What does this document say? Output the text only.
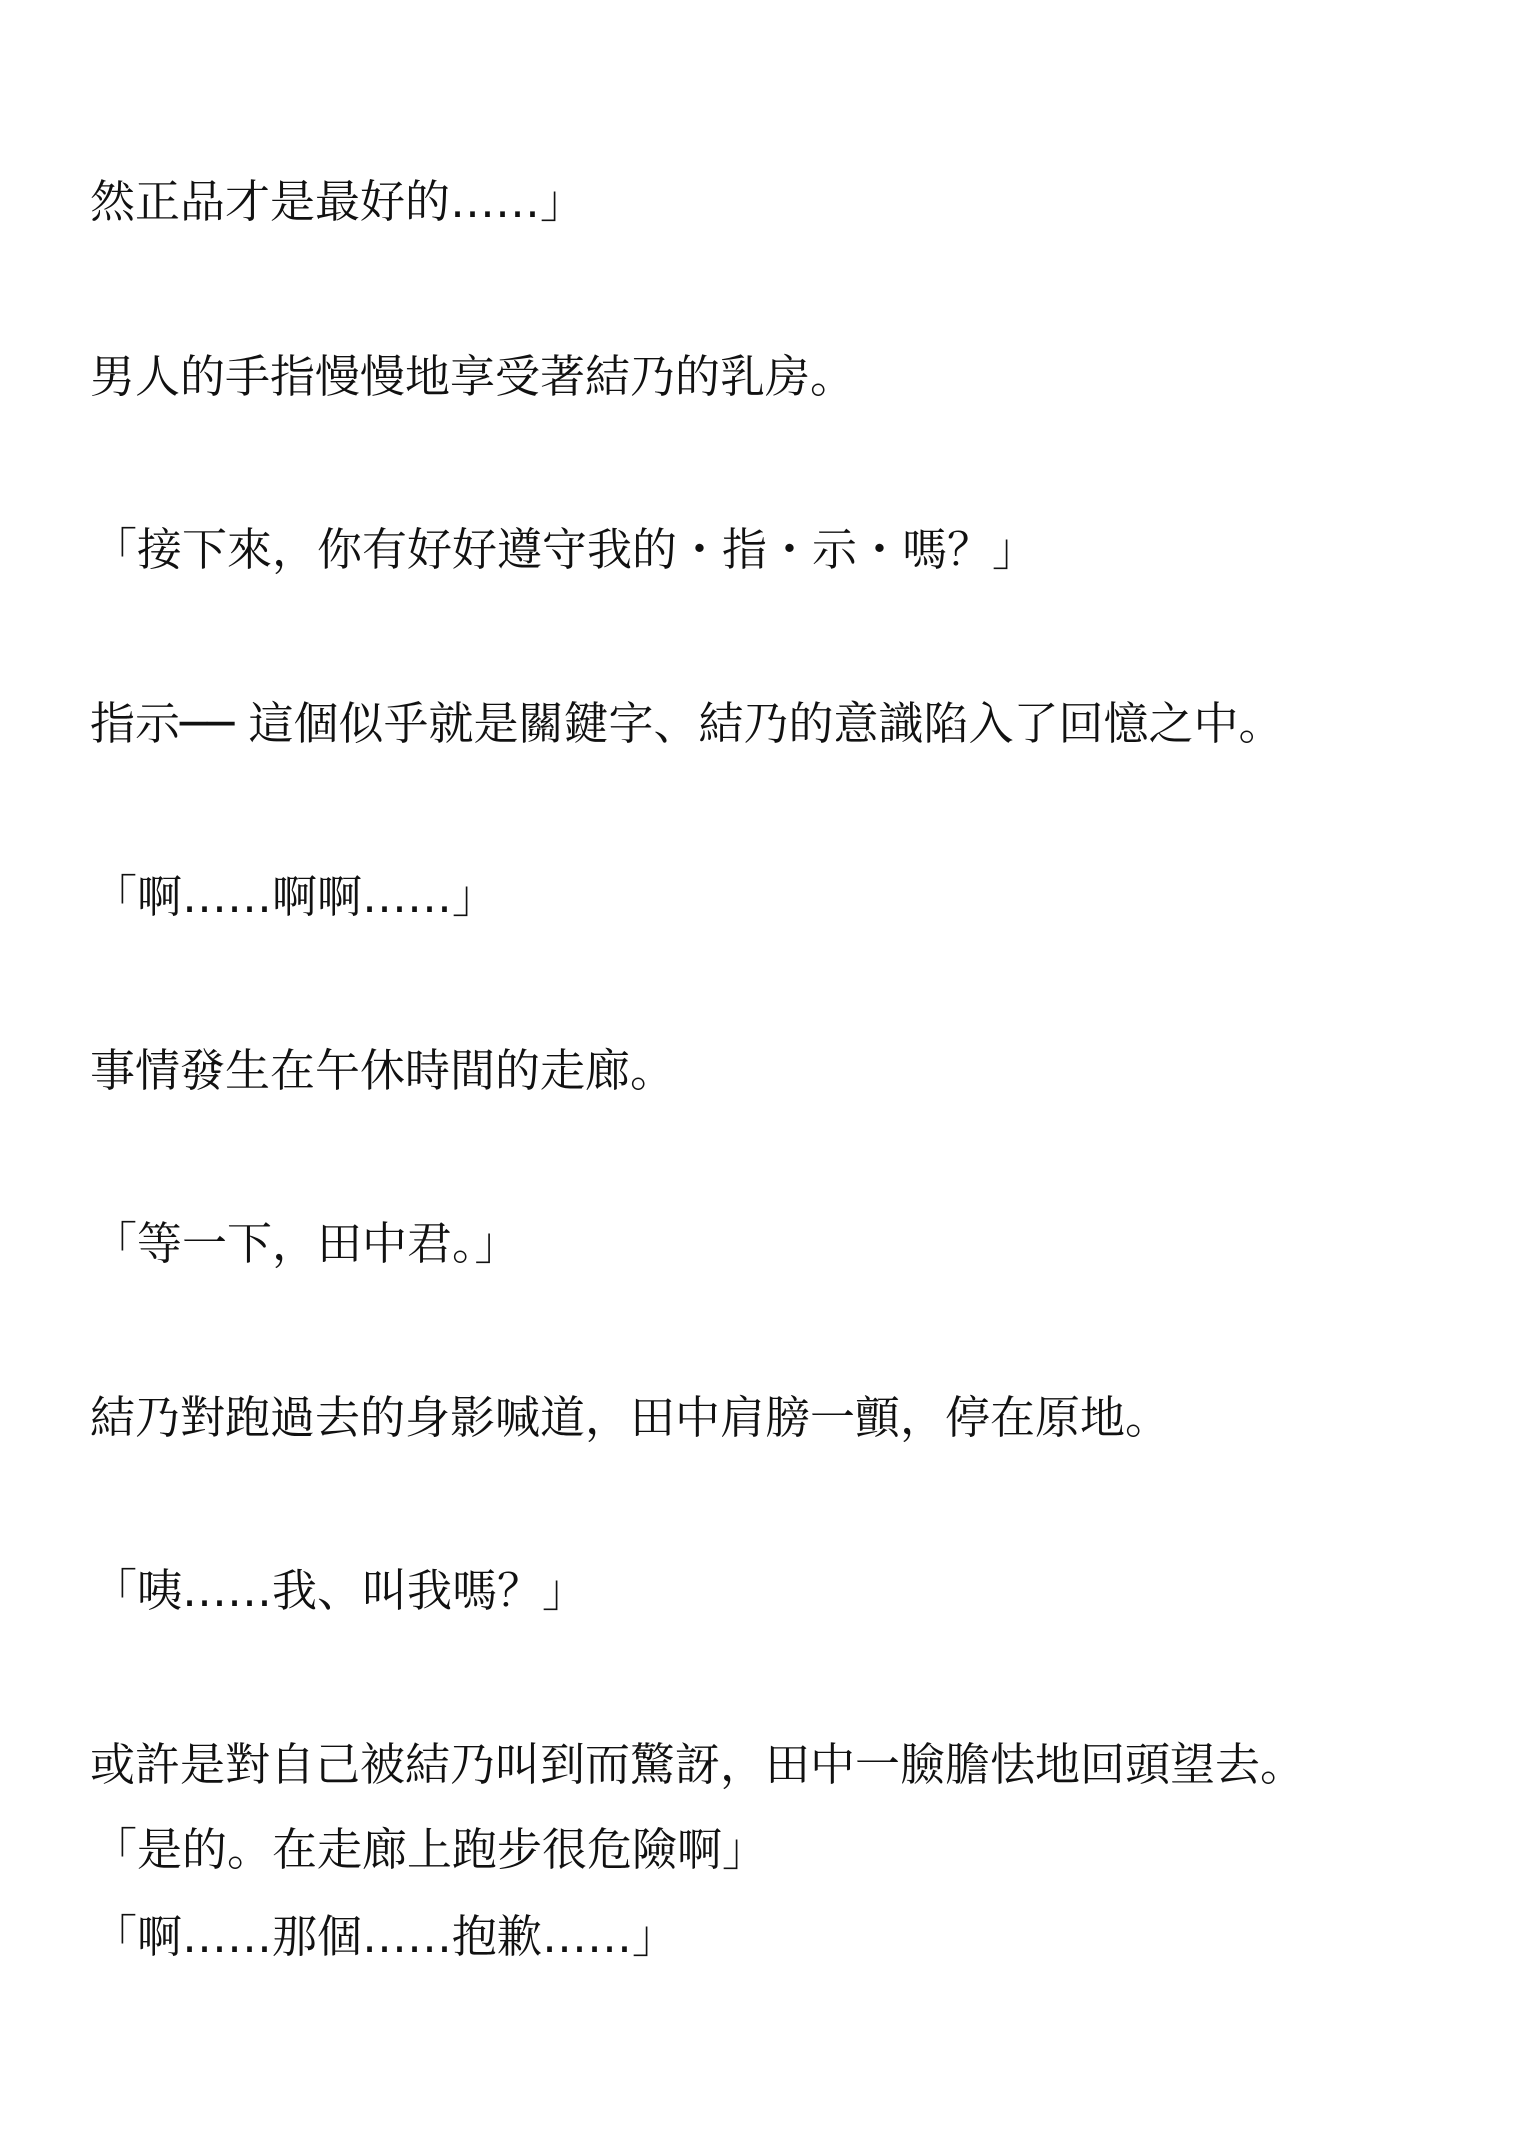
然正品才是最好的……」
男人的手指慢慢地享受著結乃的乳房。
「接下來，你有好好遵守我的・指・示・嗎？」
指示── 這個似乎就是關鍵字、結乃的意識陷入了回憶之中。
「啊……啊啊……」
事情發生在午休時間的走廊。
「等一下，田中君。」
結乃對跑過去的身影喊道，田中肩膀一顫，停在原地。
「咦……我、叫我嗎？」
或許是對自己被結乃叫到而驚訝，田中一臉膽怯地回頭望去。
「是的。在走廊上跑步很危險啊」
「啊……那個……抱歉……」
